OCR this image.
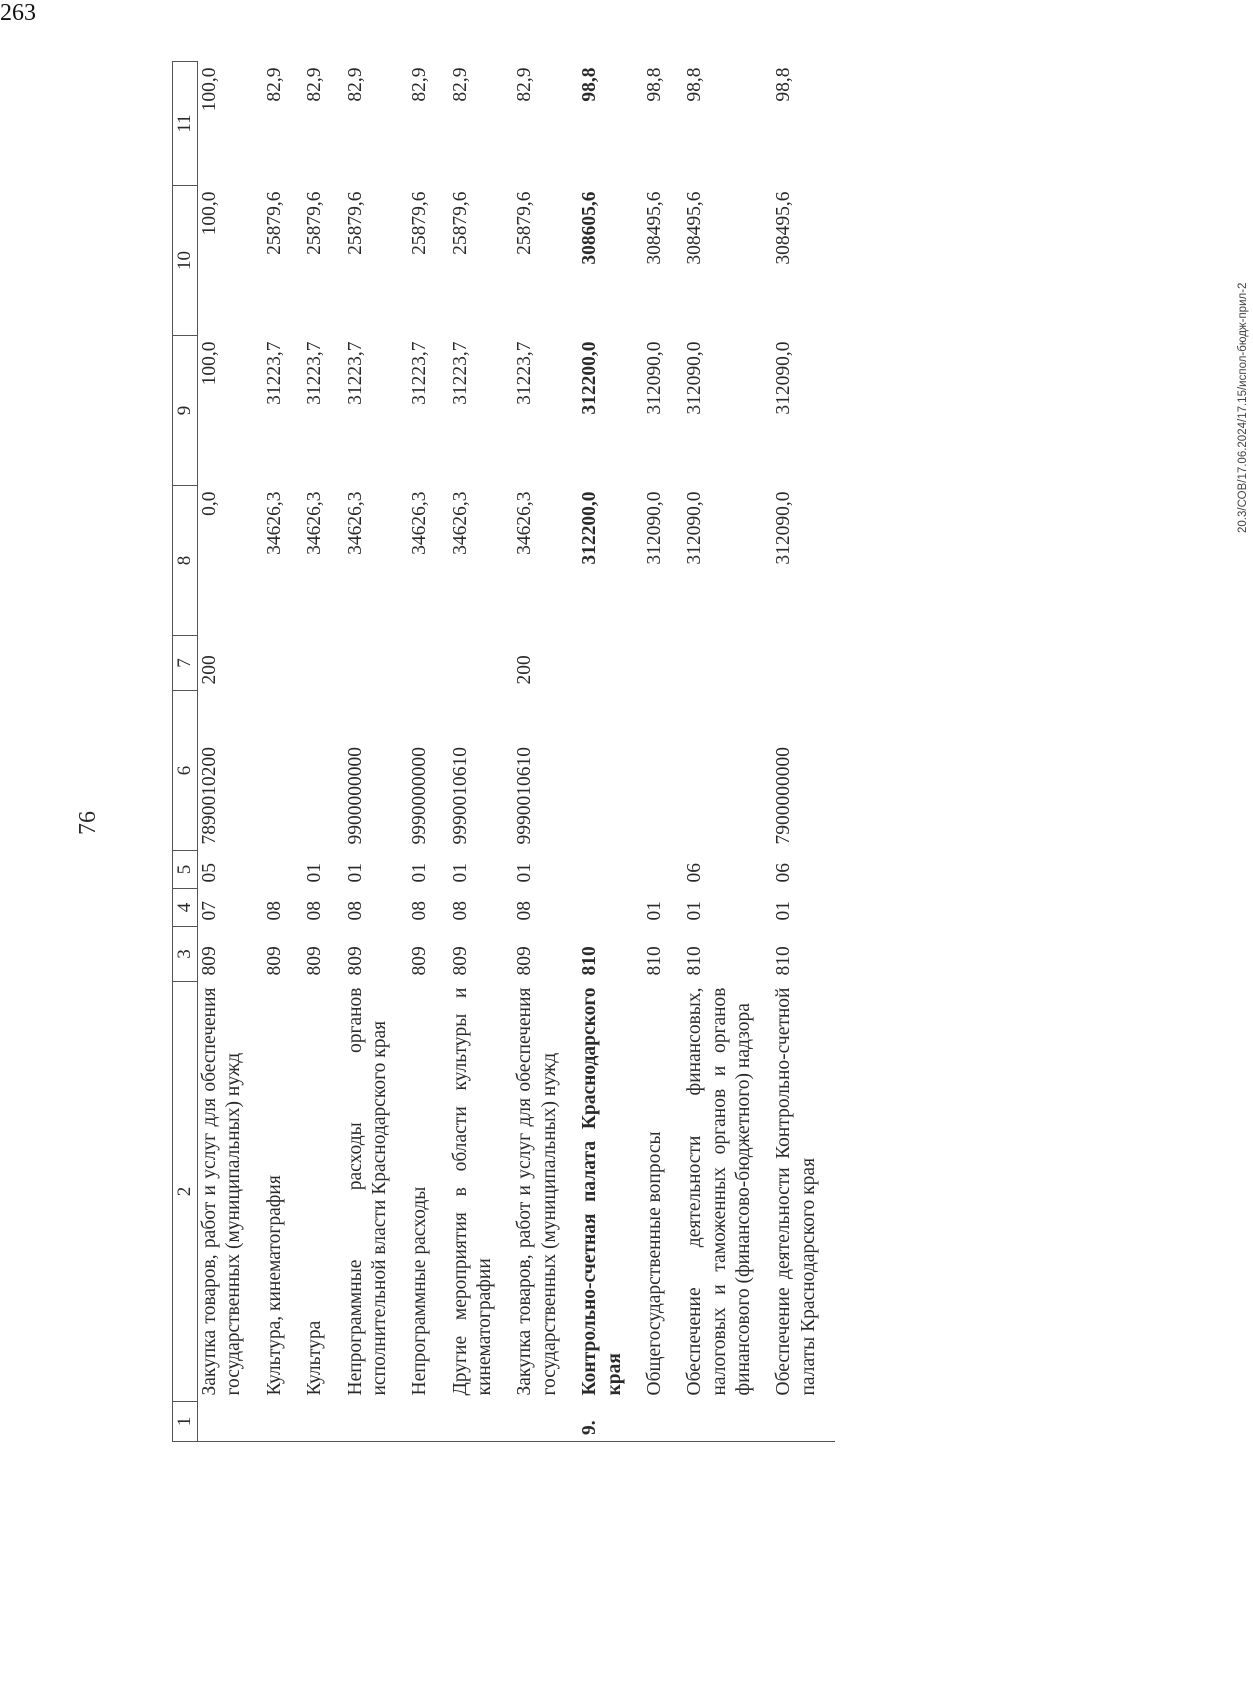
76
263
20.3/СОВ/17.06.2024/17.15/испол-бюдж-прил-2
1	2	3	4	5	6	7	8	9	10	11
	Закупка товаров, работ и услуг для обеспечения государственных (муниципальных) нужд	809	07	05	7890010200	200	0,0	100,0	100,0	100,0
	Культура, кинематография	809	08				34626,3	31223,7	25879,6	82,9
	Культура	809	08	01			34626,3	31223,7	25879,6	82,9
	Непрограммные расходы органов исполнительной власти Краснодарского края	809	08	01	9900000000		34626,3	31223,7	25879,6	82,9
	Непрограммные расходы	809	08	01	9990000000		34626,3	31223,7	25879,6	82,9
	Другие мероприятия в области культуры и кинематографии	809	08	01	9990010610		34626,3	31223,7	25879,6	82,9
	Закупка товаров, работ и услуг для обеспечения государственных (муниципальных) нужд	809	08	01	9990010610	200	34626,3	31223,7	25879,6	82,9
9.	Контрольно-счетная палата Краснодарского края	810					312200,0	312200,0	308605,6	98,8
	Общегосударственные вопросы	810	01				312090,0	312090,0	308495,6	98,8
	Обеспечение деятельности финансовых, налоговых и таможенных органов и органов финансового (финансово-бюджетного) надзора	810	01	06			312090,0	312090,0	308495,6	98,8
	Обеспечение деятельности Контрольно-счетной палаты Краснодарского края	810	01	06	7900000000		312090,0	312090,0	308495,6	98,8
